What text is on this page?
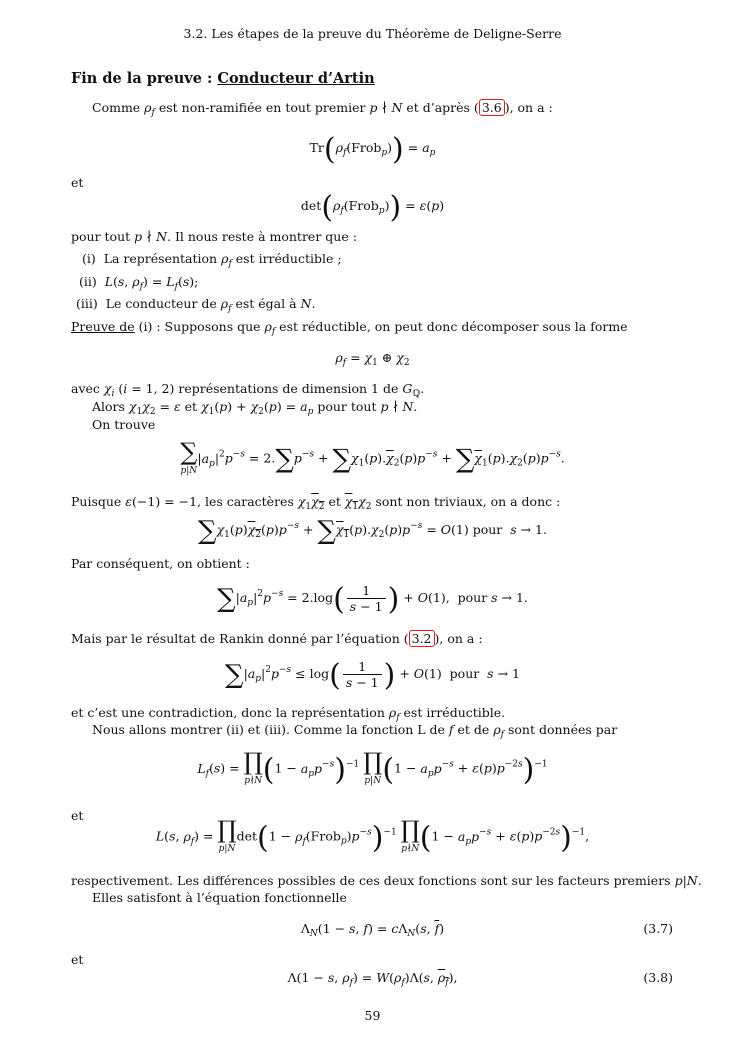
3.2. Les étapes de la preuve du Théorème de Deligne-Serre
Fin de la preuve : Conducteur d’Artin
Comme $\rho_f$ est non-ramifiée en tout premier p ∤ N et d’après ( 3.6 ), on a :
$Tr(\rho_f(Frob_p)) = a_p$
et
$\det(\rho_f(Frob_p)) = \varepsilon(p)$
pour tout p ∤ N. Il nous reste à montrer que :
(i)  La représentation $\rho_f$ est irréductible ;
(ii)  L(s, $\rho_f) = L_f(s)$;
(iii)  Le conducteur de $\rho_f$ est égal à N.
Preuve de (i) : Supposons que $\rho_f$ est réductible, on peut donc décomposer sous la forme
$\rho_f = \chi_1$ ⊕ $\chi_2$
avec $\chi_i$ (i = 1, 2) représentations de dimension 1 de $G_ℚ$.
Alors $\chi_1\chi_2 = \varepsilon$ et $\chi_1(p) + \chi_2(p) = a_p$ pour tout p ∤ N.
On trouve
∑
p|N
$|a_p|^2p^{-s} = 2.\sum p^{-s} + \sum\chi_1(p).\overline{\chi}_2(p)p^{-s} + \sum\overline{\chi}_1(p).\chi_2(p)p^{-s}$.
Puisque ε(−1) = −1, les caractères $\chi_1\chi_2$ et $\chi_1\chi_2$ sont non triviaux, on a donc :
$\sum\chi_1(p)\chi_2(p)p^{-s} + \sum\chi_1(p).\chi_2(p)p^{-s} = O(1)$ pour  s → 1.
Par conséquent, on obtient :
$\sum|a_p|^2p^{-s} = 2.\log( \frac{1}{s - 1}$ ) + O(1),  pour s → 1.
Mais par le résultat de Rankin donné par l’équation ( 3.2 ), on a :
$\sum|a_p|^2p^{-s} \le \log( \frac{1}{s - 1}$ ) + O(1)  pour  s → 1
et c’est une contradiction, donc la représentation $\rho_f$ est irréductible.
Nous allons montrer (ii) et (iii). Comme la fonction L de f et de $\rho_f$ sont données par
$L_f(s)$ = ∏
p∤N $(1 - a_pp^{-s})^{-1}$ ∏
p|N $(1 - a_pp^{-s} + \varepsilon(p)p^{-2s})^{-1}$
et
L(s, $\rho_f$) = ∏
p|N
$\det(1 - \rho_f(Frob_p)p^{-s})^{-1}$ ∏
p∤N $(1 - a_pp^{-s} + \varepsilon(p)p^{-2s})^{-1}$,
respectivement. Les différences possibles de ces deux fonctions sont sur les facteurs premiers p|N.
Elles satisfont à l’équation fonctionnelle
$\Lambda_N(1 - s$, $f) = c\Lambda_N(s$, $\overline{f}$)	(3.7)
et
Λ(1 − s, $\rho_f) = W(\rho_f)\Lambda(s$, $\rho_f$),	(3.8)
59
